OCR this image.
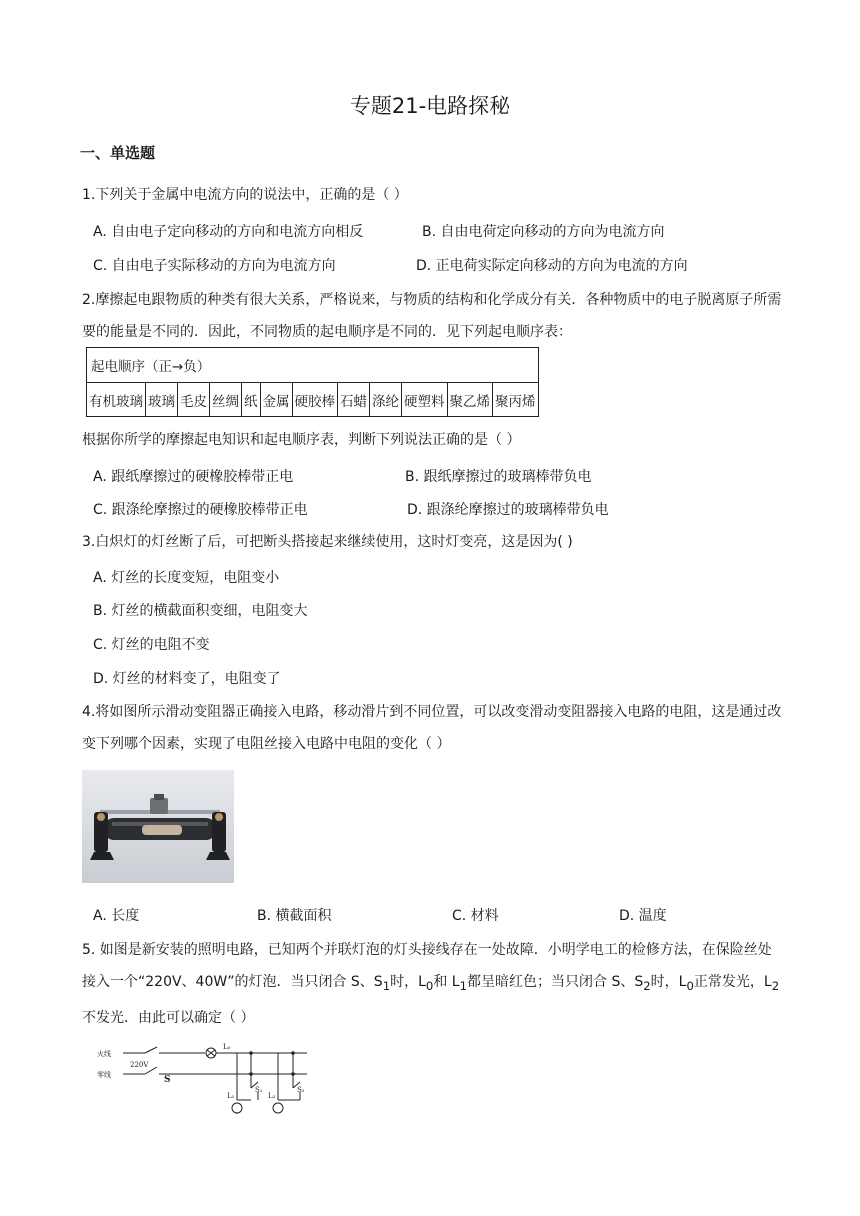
专题21-电路探秘
一、单选题
1.下列关于金属中电流方向的说法中，正确的是（ ）
A. 自由电子定向移动的方向和电流方向相反	B. 自由电荷定向移动的方向为电流方向
C. 自由电子实际移动的方向为电流方向	D. 正电荷实际定向移动的方向为电流的方向
2.摩擦起电跟物质的种类有很大关系，严格说来，与物质的结构和化学成分有关．各种物质中的电子脱离原子所需要的能量是不同的．因此，不同物质的起电顺序是不同的．见下列起电顺序表：
起电顺序（正→负）
有机玻璃	玻璃	毛皮	丝绸	纸	金属	硬胶棒	石蜡	涤纶	硬塑料	聚乙烯	聚丙烯
根据你所学的摩擦起电知识和起电顺序表，判断下列说法正确的是（ ）
A. 跟纸摩擦过的硬橡胶棒带正电	B. 跟纸摩擦过的玻璃棒带负电
C. 跟涤纶摩擦过的硬橡胶棒带正电	D. 跟涤纶摩擦过的玻璃棒带负电
3.白炽灯的灯丝断了后，可把断头搭接起来继续使用，这时灯变亮，这是因为( )
A. 灯丝的长度变短，电阻变小
B. 灯丝的横截面积变细，电阻变大
C. 灯丝的电阻不变
D. 灯丝的材料变了，电阻变了
4.将如图所示滑动变阻器正确接入电路，移动滑片到不同位置，可以改变滑动变阻器接入电路的电阻，这是通过改变下列哪个因素，实现了电阻丝接入电路中电阻的变化（ ）
A. 长度	B. 横截面积	C. 材料	D. 温度
5. 如图是新安装的照明电路，已知两个并联灯泡的灯头接线存在一处故障．小明学电工的检修方法，在保险丝处接入一个“220V、40W”的灯泡．当只闭合 S、$S_1$时，$L_0$和 $L_1$都呈暗红色；当只闭合 S、$S_2$时，$L_0$正常发光，$L_2$不发光．由此可以确定（ ）
火线
零线
220V
S
L₀
S₁	S₂
L₁	L₂
